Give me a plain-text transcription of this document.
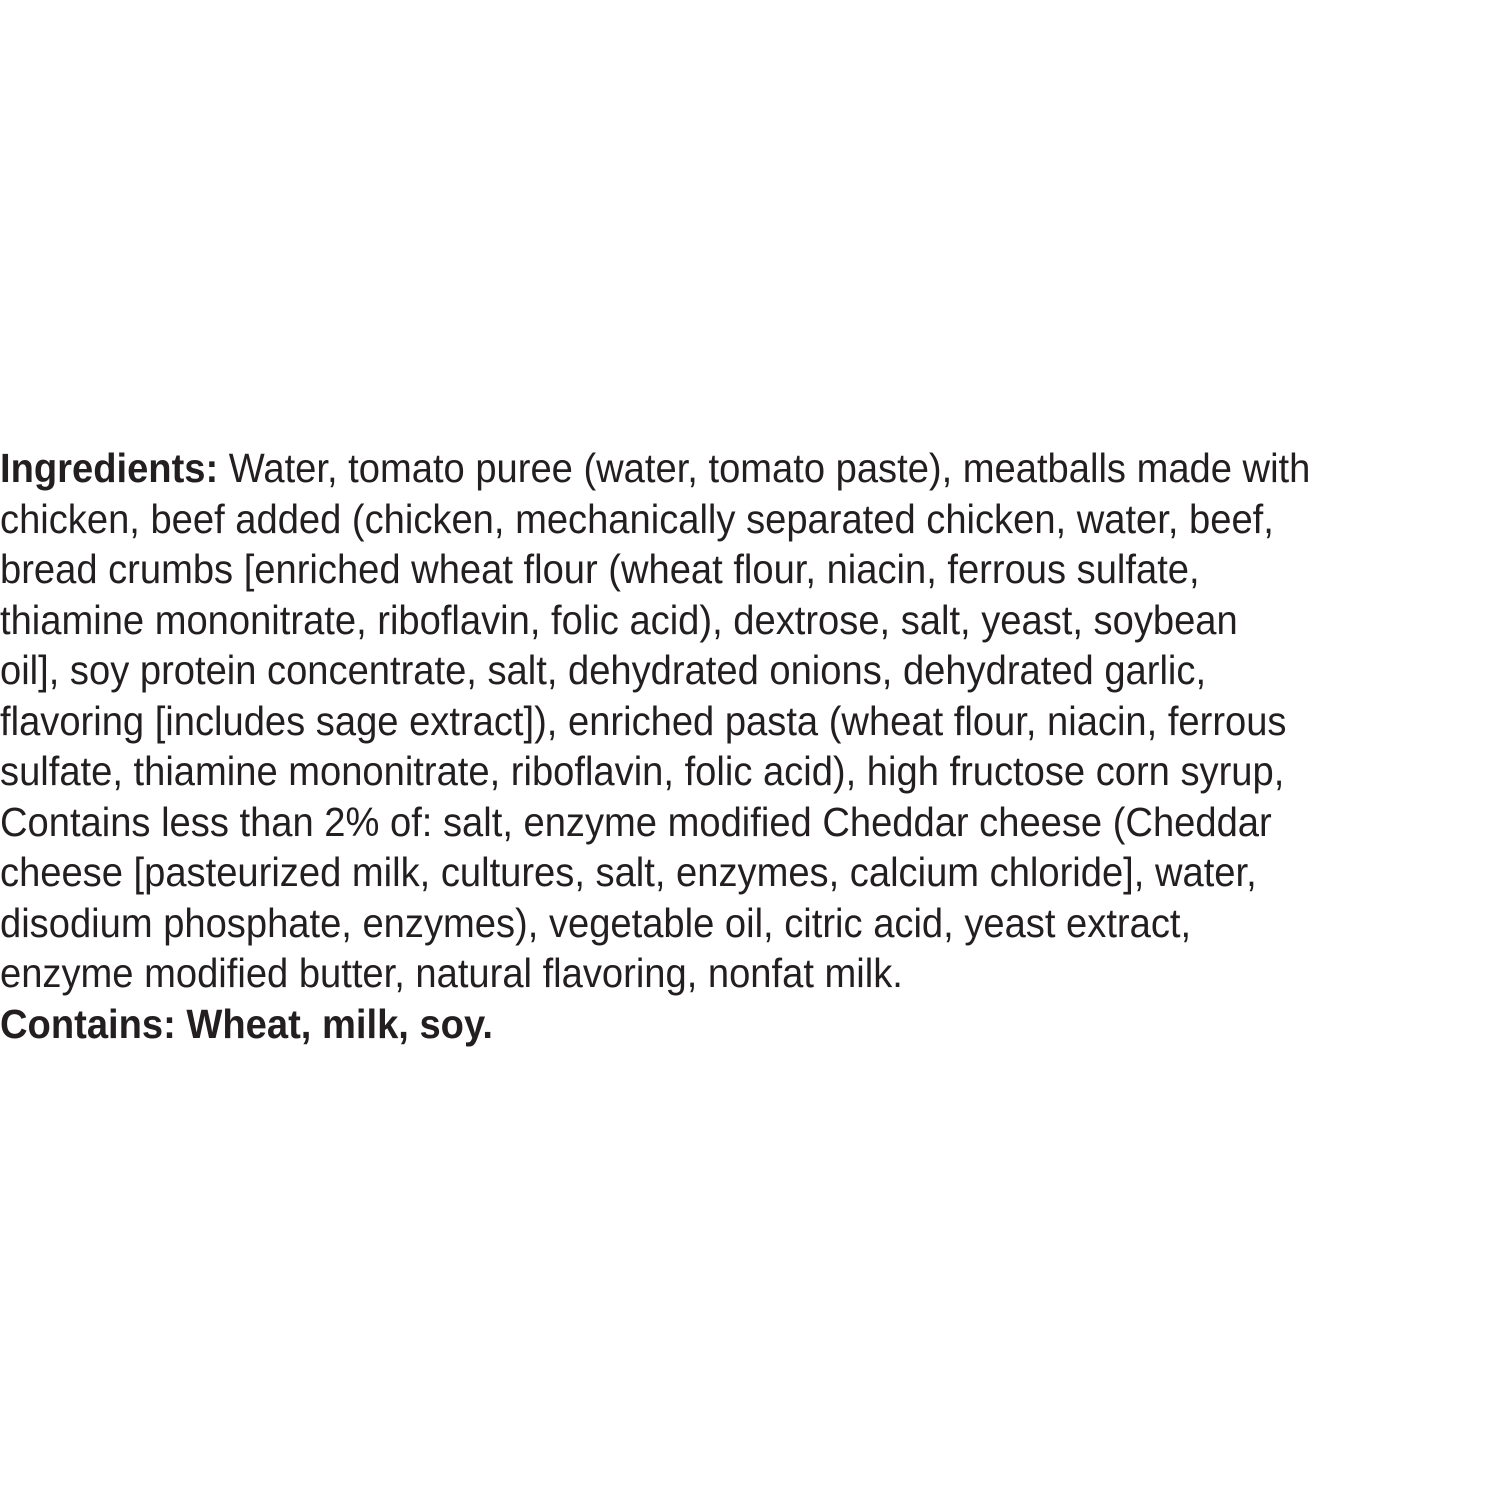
Ingredients: Water, tomato puree (water, tomato paste), meatballs made with
chicken, beef added (chicken, mechanically separated chicken, water, beef,
bread crumbs [enriched wheat flour (wheat flour, niacin, ferrous sulfate,
thiamine mononitrate, riboflavin, folic acid), dextrose, salt, yeast, soybean
oil], soy protein concentrate, salt, dehydrated onions, dehydrated garlic,
flavoring [includes sage extract]), enriched pasta (wheat flour, niacin, ferrous
sulfate, thiamine mononitrate, riboflavin, folic acid), high fructose corn syrup,
Contains less than 2% of: salt, enzyme modified Cheddar cheese (Cheddar
cheese [pasteurized milk, cultures, salt, enzymes, calcium chloride], water,
disodium phosphate, enzymes), vegetable oil, citric acid, yeast extract,
enzyme modified butter, natural flavoring, nonfat milk.
Contains: Wheat, milk, soy.
